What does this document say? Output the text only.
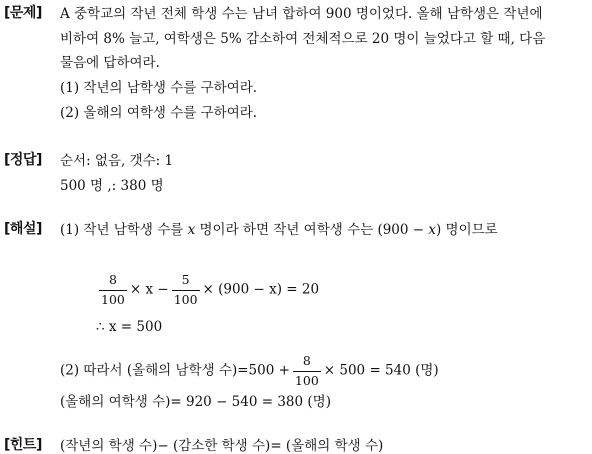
[문제] A 중학교의 작년 전체 학생 수는 남녀 합하여 900 명이었다. 올해 남학생은 작년에
비하여 8% 늘고, 여학생은 5% 감소하여 전체적으로 20 명이 늘었다고 할 때, 다음
물음에 답하여라.
(1) 작년의 남학생 수를 구하여라.
(2) 올해의 여학생 수를 구하여라.
[정답] 순서: 없음, 갯수: 1
500 명 ,: 380 명
[해설] (1) 작년 남학생 수를 x 명이라 하면 작년 여학생 수는 (900 − x) 명이므로
$\frac{8}{100} \times x - \frac{5}{100} \times (900 - x) = 20$
∴ x = 500
(2) 따라서 (올해의 남학생 수)$=500 + \frac{8}{100} \times 500 = 540$ (명)
(올해의 여학생 수)= 920 − 540 = 380 (명)
[힌트] (작년의 학생 수)− (감소한 학생 수)= (올해의 학생 수)
